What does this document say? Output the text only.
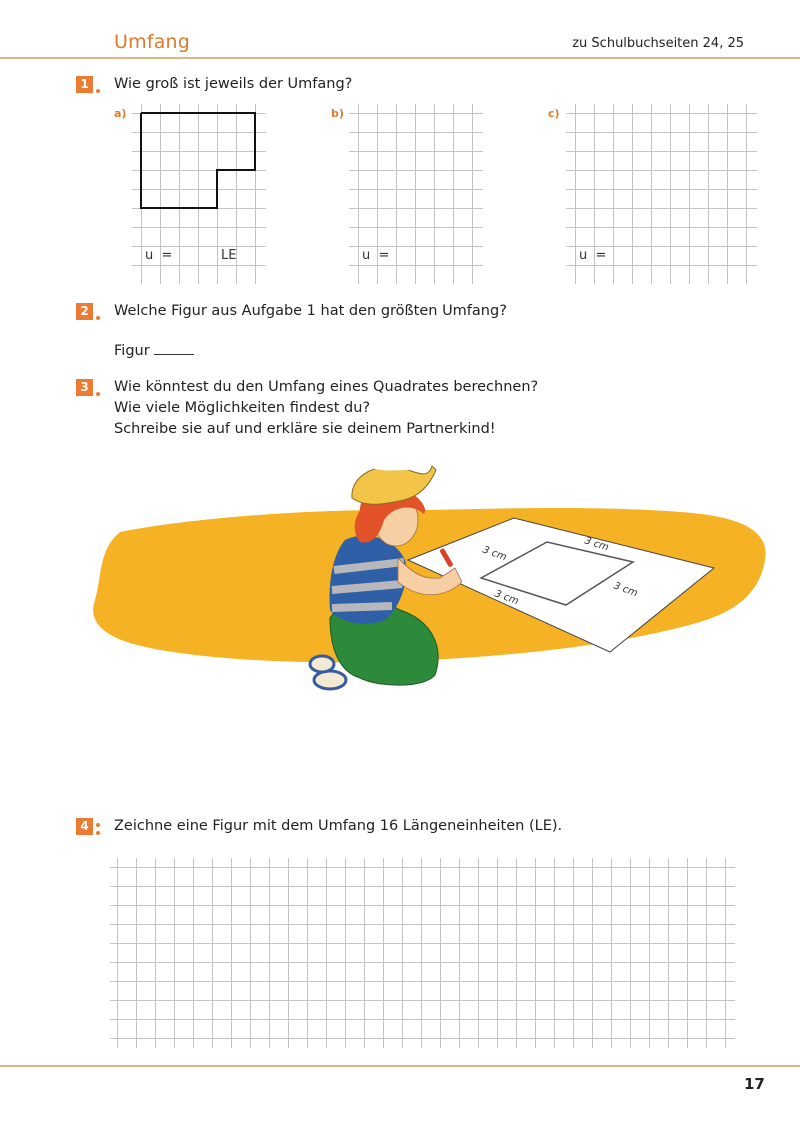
Umfang	zu Schulbuchseiten 24, 25
1 Wie groß ist jeweils der Umfang?
a)
u =	LE
b)
u =
c)
u =
2 Welche Figur aus Aufgabe 1 hat den größten Umfang?
Figur
3 Wie könntest du den Umfang eines Quadrates berechnen?
Wie viele Möglichkeiten findest du?
Schreibe sie auf und erkläre sie deinem Partnerkind!
3 cm
3 cm
3 cm
3 cm
4 Zeichne eine Figur mit dem Umfang 16 Längeneinheiten (LE).
17
